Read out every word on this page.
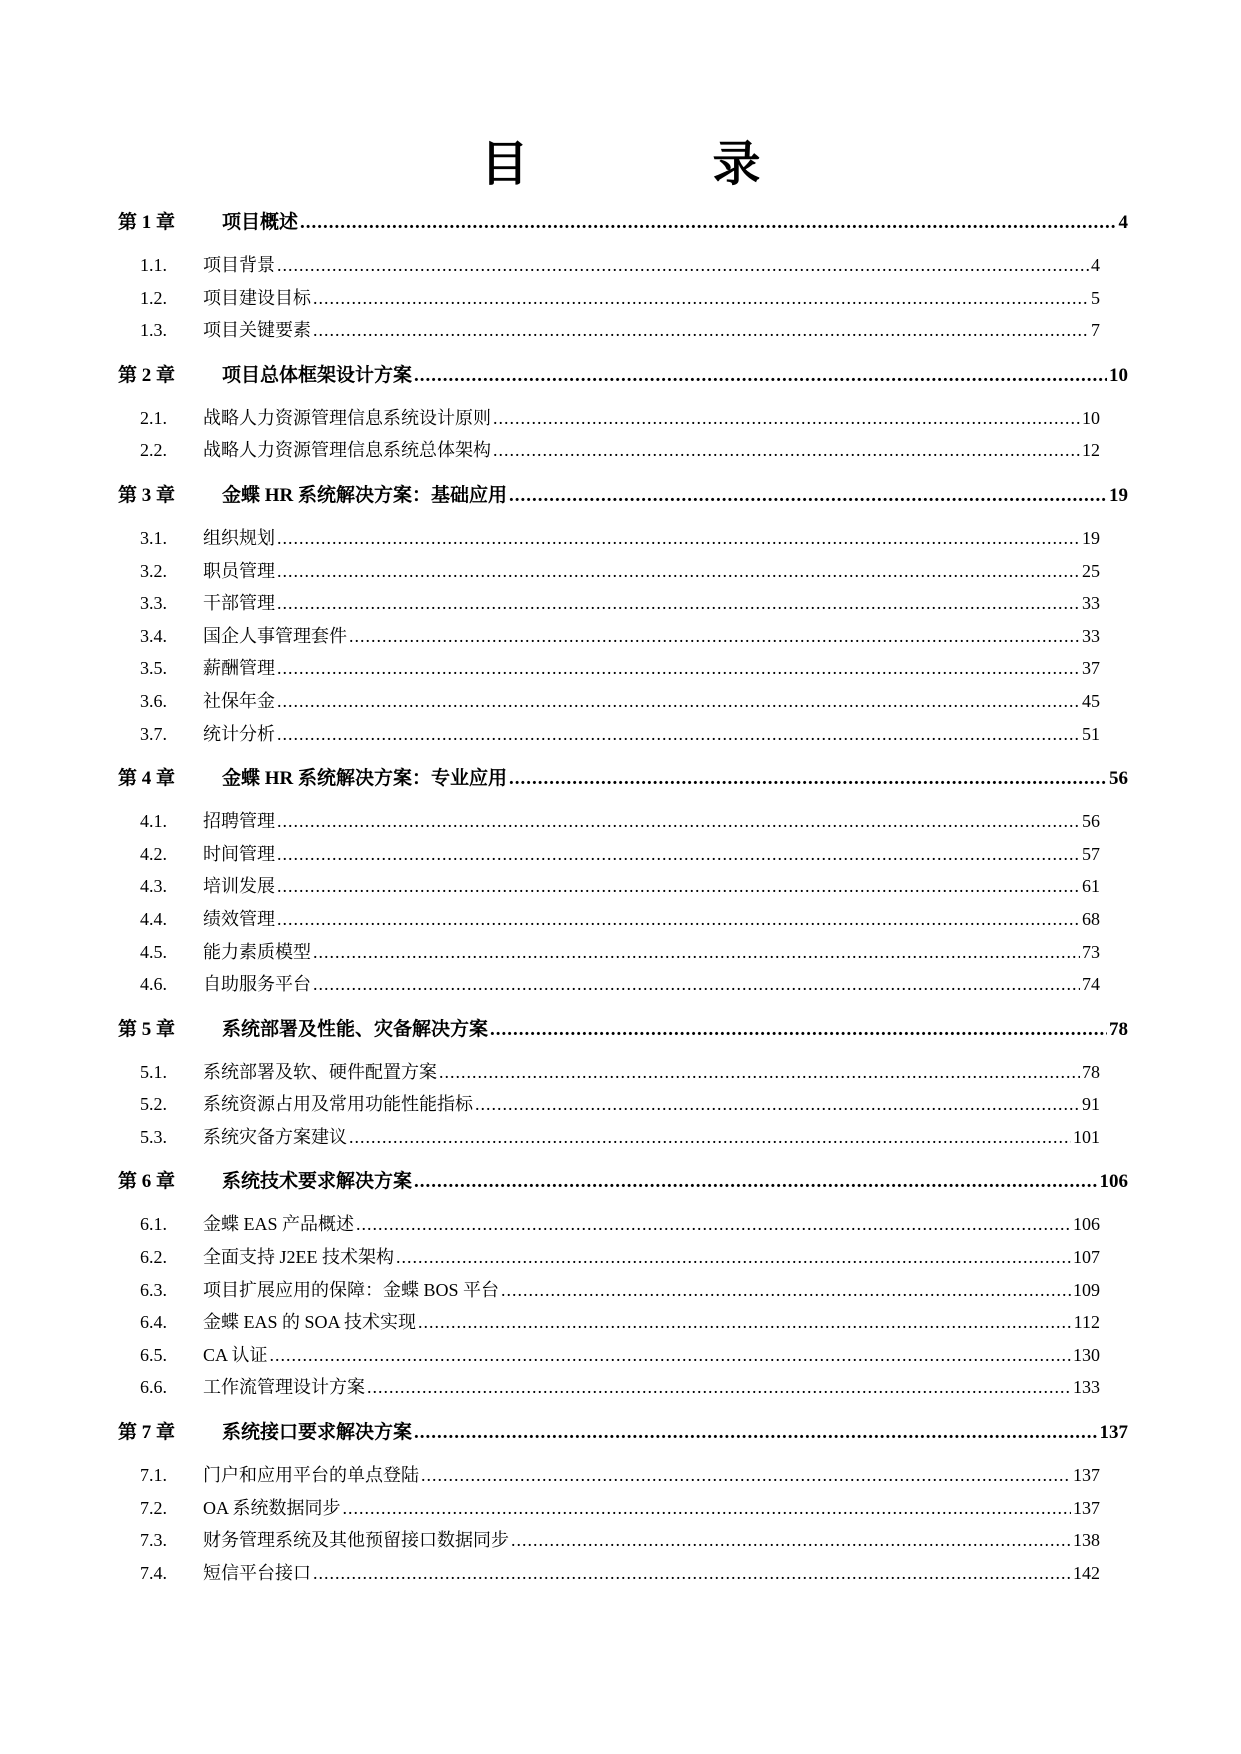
目　录
第 1 章	项目概述 .....	4
1.1.	项目背景 .....	4
1.2.	项目建设目标 .....	5
1.3.	项目关键要素 .....	7
第 2 章	项目总体框架设计方案 .....	10
2.1.	战略人力资源管理信息系统设计原则 .....	10
2.2.	战略人力资源管理信息系统总体架构 .....	12
第 3 章	金蝶 HR 系统解决方案：基础应用 .....	19
3.1.	组织规划 .....	19
3.2.	职员管理 .....	25
3.3.	干部管理 .....	33
3.4.	国企人事管理套件 .....	33
3.5.	薪酬管理 .....	37
3.6.	社保年金 .....	45
3.7.	统计分析 .....	51
第 4 章	金蝶 HR 系统解决方案：专业应用 .....	56
4.1.	招聘管理 .....	56
4.2.	时间管理 .....	57
4.3.	培训发展 .....	61
4.4.	绩效管理 .....	68
4.5.	能力素质模型 .....	73
4.6.	自助服务平台 .....	74
第 5 章	系统部署及性能、灾备解决方案 .....	78
5.1.	系统部署及软、硬件配置方案 .....	78
5.2.	系统资源占用及常用功能性能指标 .....	91
5.3.	系统灾备方案建议 .....	101
第 6 章	系统技术要求解决方案 .....	106
6.1.	金蝶 EAS 产品概述 .....	106
6.2.	全面支持 J2EE 技术架构 .....	107
6.3.	项目扩展应用的保障：金蝶 BOS 平台 .....	109
6.4.	金蝶 EAS 的 SOA 技术实现 .....	112
6.5.	CA 认证 .....	130
6.6.	工作流管理设计方案 .....	133
第 7 章	系统接口要求解决方案 .....	137
7.1.	门户和应用平台的单点登陆 .....	137
7.2.	OA 系统数据同步 .....	137
7.3.	财务管理系统及其他预留接口数据同步 .....	138
7.4.	短信平台接口 .....	142
